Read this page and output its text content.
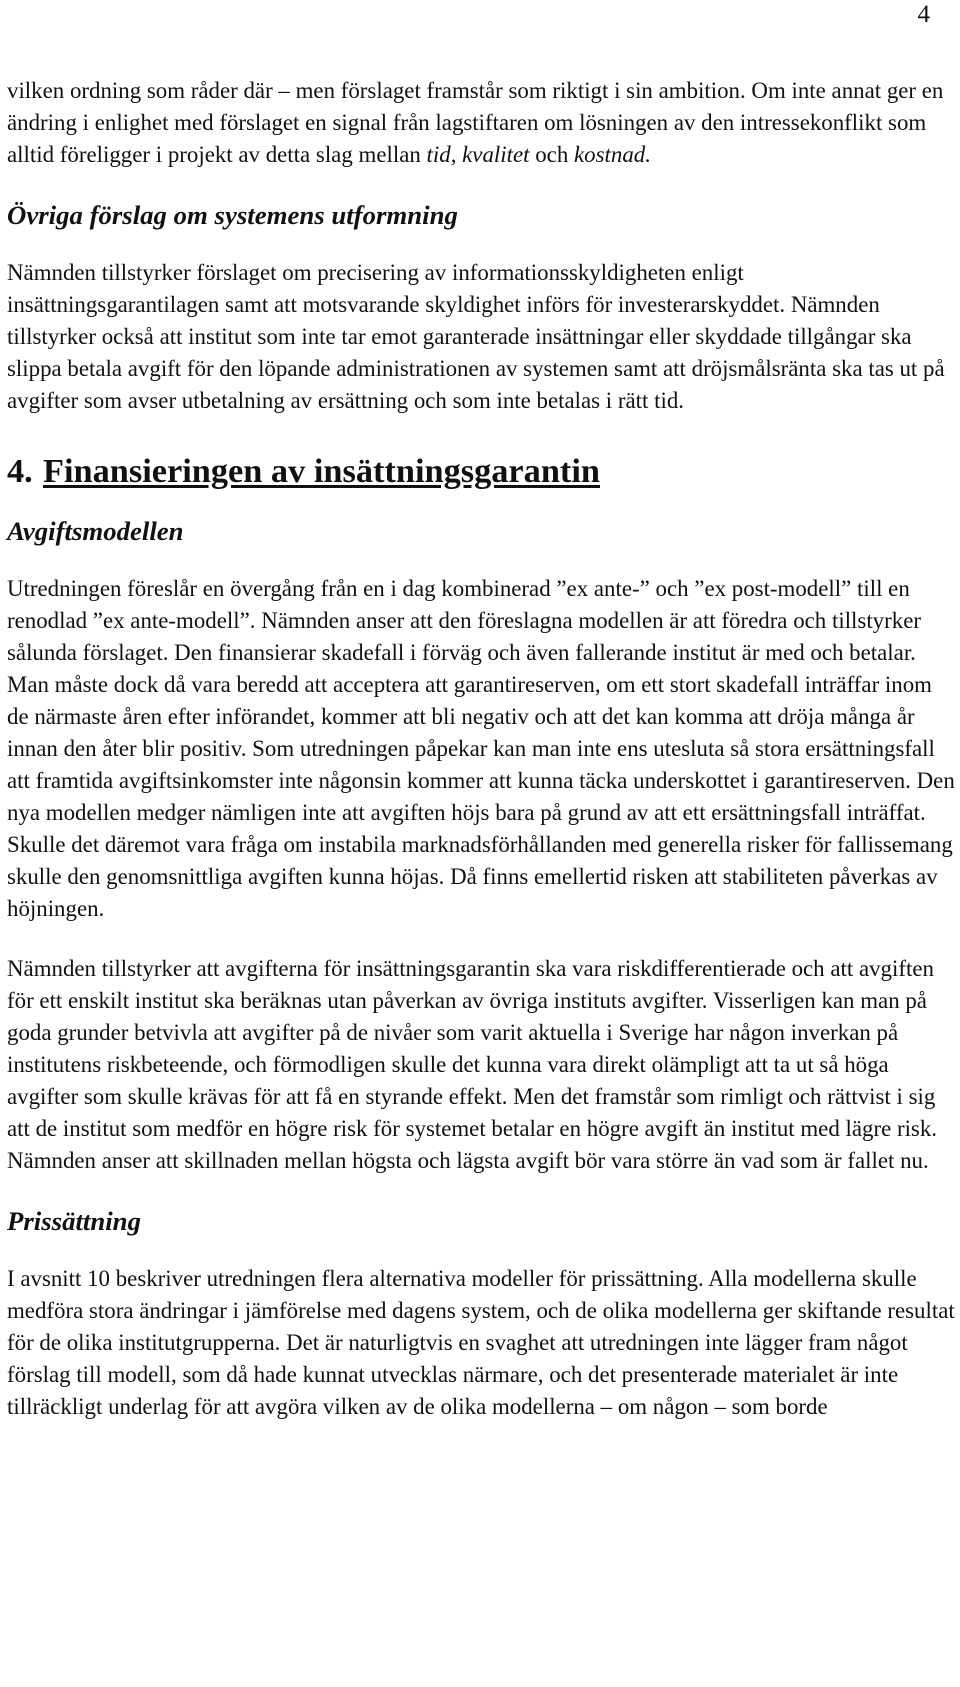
4

vilken ordning som råder där – men förslaget framstår som riktigt i sin ambition. Om inte annat ger en ändring i enlighet med förslaget en signal från lagstiftaren om lösningen av den intressekonflikt som alltid föreligger i projekt av detta slag mellan tid, kvalitet och kostnad.

Övriga förslag om systemens utformning

Nämnden tillstyrker förslaget om precisering av informationsskyldigheten enligt insättningsgarantilagen samt att motsvarande skyldighet införs för investerarskyddet. Nämnden tillstyrker också att institut som inte tar emot garanterade insättningar eller skyddade tillgångar ska slippa betala avgift för den löpande administrationen av systemen samt att dröjsmålsränta ska tas ut på avgifter som avser utbetalning av ersättning och som inte betalas i rätt tid.

4. Finansieringen av insättningsgarantin
Avgiftsmodellen

Utredningen föreslår en övergång från en i dag kombinerad ”ex ante-” och ”ex post-modell” till en renodlad ”ex ante-modell”. Nämnden anser att den föreslagna modellen är att föredra och tillstyrker sålunda förslaget. Den finansierar skadefall i förväg och även fallerande institut är med och betalar. Man måste dock då vara beredd att acceptera att garantireserven, om ett stort skadefall inträffar inom de närmaste åren efter införandet, kommer att bli negativ och att det kan komma att dröja många år innan den åter blir positiv. Som utredningen påpekar kan man inte ens utesluta så stora ersättningsfall att framtida avgiftsinkomster inte någonsin kommer att kunna täcka underskottet i garantireserven. Den nya modellen medger nämligen inte att avgiften höjs bara på grund av att ett ersättningsfall inträffat. Skulle det däremot vara fråga om instabila marknadsförhållanden med generella risker för fallissemang skulle den genomsnittliga avgiften kunna höjas. Då finns emellertid risken att stabiliteten påverkas av höjningen.

Nämnden tillstyrker att avgifterna för insättningsgarantin ska vara riskdifferentierade och att avgiften för ett enskilt institut ska beräknas utan påverkan av övriga instituts avgifter. Visserligen kan man på goda grunder betvivla att avgifter på de nivåer som varit aktuella i Sverige har någon inverkan på institutens riskbeteende, och förmodligen skulle det kunna vara direkt olämpligt att ta ut så höga avgifter som skulle krävas för att få en styrande effekt. Men det framstår som rimligt och rättvist i sig att de institut som medför en högre risk för systemet betalar en högre avgift än institut med lägre risk. Nämnden anser att skillnaden mellan högsta och lägsta avgift bör vara större än vad som är fallet nu.

Prissättning

I avsnitt 10 beskriver utredningen flera alternativa modeller för prissättning. Alla modellerna skulle medföra stora ändringar i jämförelse med dagens system, och de olika modellerna ger skiftande resultat för de olika institutgrupperna. Det är naturligtvis en svaghet att utredningen inte lägger fram något förslag till modell, som då hade kunnat utvecklas närmare, och det presenterade materialet är inte tillräckligt underlag för att avgöra vilken av de olika modellerna – om någon – som borde
